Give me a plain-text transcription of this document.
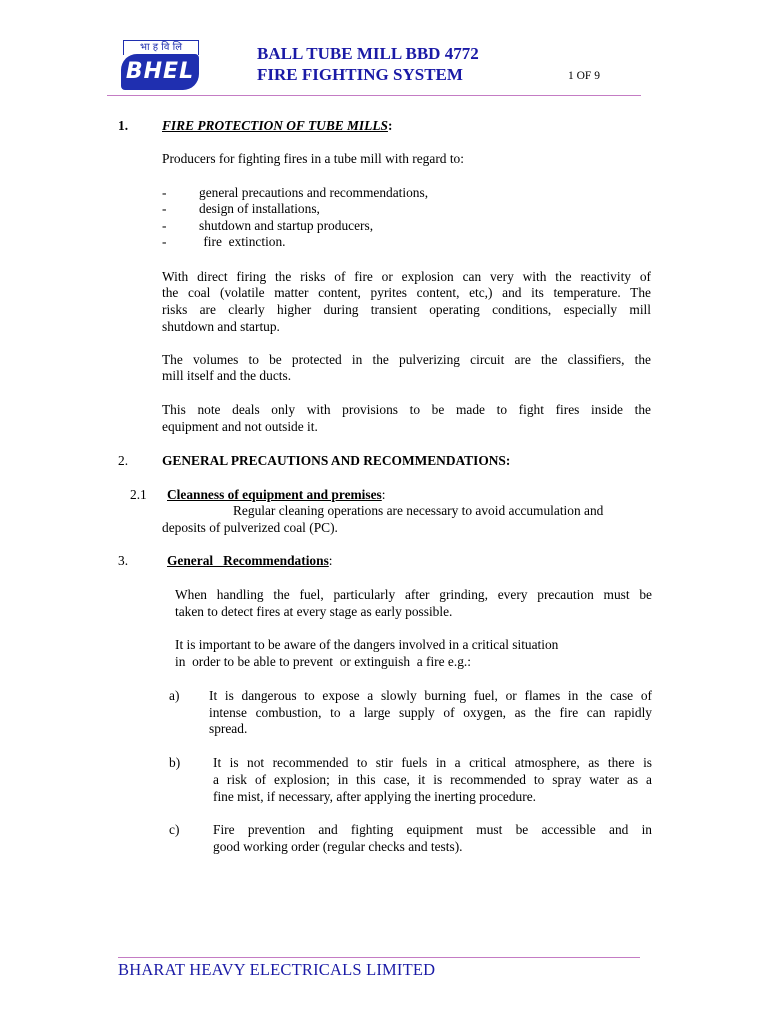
भा ह वि लि
BHEL
BALL TUBE MILL BBD 4772
FIRE FIGHTING SYSTEM	1 OF 9
1.	FIRE PROTECTION OF TUBE MILLS:
Producers for fighting fires in a tube mill with regard to:
- general precautions and recommendations,
- design of installations,
- shutdown and startup producers,
-	fire  extinction.
With direct firing the risks of fire or explosion can very with the reactivity of
the coal (volatile matter content, pyrites content, etc,) and its temperature. The
risks are clearly higher during transient operating conditions, especially mill
shutdown and startup.
The volumes to be protected in the pulverizing circuit are the classifiers, the
mill itself and the ducts.
This note deals only with provisions to be made to fight fires inside the
equipment and not outside it.
2.	GENERAL PRECAUTIONS AND RECOMMENDATIONS:
2.1 Cleanness of equipment and premises:
Regular cleaning operations are necessary to avoid accumulation and
deposits of pulverized coal (PC).
3.	General   Recommendations:
When handling the fuel, particularly after grinding, every precaution must be
taken to detect fires at every stage as early possible.
It is important to be aware of the dangers involved in a critical situation
in  order to be able to prevent  or extinguish  a fire e.g.:
a) It is dangerous to expose a slowly burning fuel, or flames in the case of
intense combustion, to a large supply of oxygen, as the fire can rapidly
spread.
b) It is not recommended to stir fuels in a critical atmosphere, as there is
a risk of explosion; in this case, it is recommended to spray water as a
fine mist, if necessary, after applying the inerting procedure.
c)	Fire prevention and fighting equipment must be accessible and in
good working order (regular checks and tests).
BHARAT HEAVY ELECTRICALS LIMITED
